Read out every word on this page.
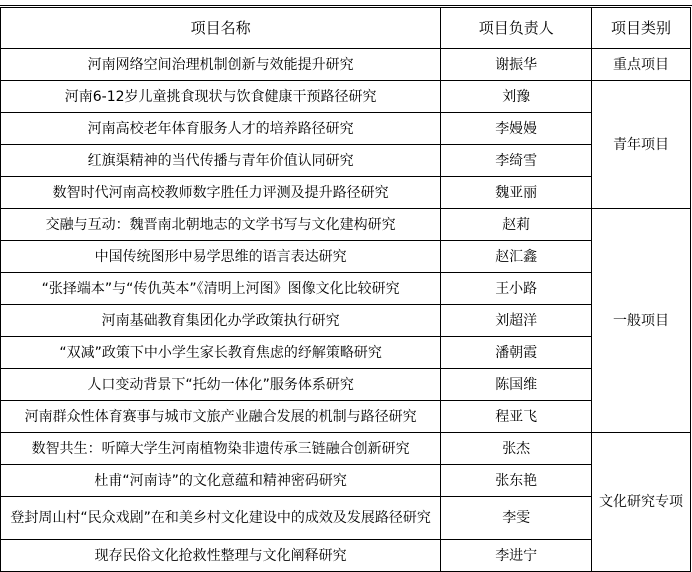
项目名称	项目负责人	项目类别
河南网络空间治理机制创新与效能提升研究	谢振华	重点项目
河南6-12岁儿童挑食现状与饮食健康干预路径研究	刘豫	青年项目
河南高校老年体育服务人才的培养路径研究	李嫚嫚	
红旗渠精神的当代传播与青年价值认同研究	李绮雪	
数智时代河南高校教师数字胜任力评测及提升路径研究	魏亚丽	
交融与互动：魏晋南北朝地志的文学书写与文化建构研究	赵莉	一般项目
中国传统图形中易学思维的语言表达研究	赵汇鑫	
“张择端本”与“传仇英本”《清明上河图》图像文化比较研究	王小路	
河南基础教育集团化办学政策执行研究	刘超洋	
“双减”政策下中小学生家长教育焦虑的纾解策略研究	潘朝霞	
人口变动背景下“托幼一体化”服务体系研究	陈国维	
河南群众性体育赛事与城市文旅产业融合发展的机制与路径研究	程亚飞	
数智共生：听障大学生河南植物染非遗传承三链融合创新研究	张杰	文化研究专项
杜甫“河南诗”的文化意蕴和精神密码研究	张东艳	
登封周山村“民众戏剧”在和美乡村文化建设中的成效及发展路径研究	李雯	
现存民俗文化抢救性整理与文化阐释研究	李进宁	
